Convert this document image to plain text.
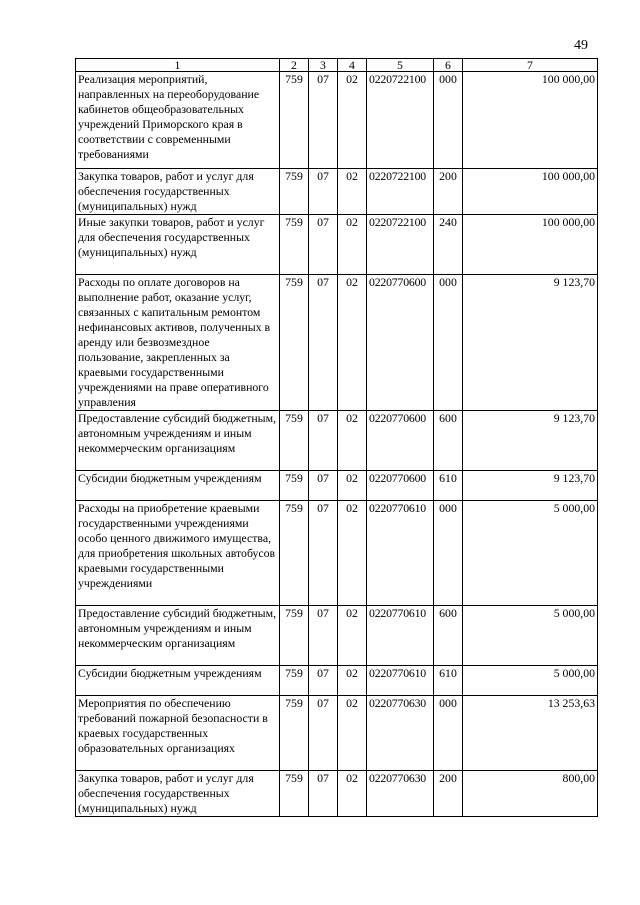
49
1	2	3	4	5	6	7
Реализация мероприятий, направленных на переоборудование кабинетов общеобразовательных учреждений Приморского края в соответствии с современными требованиями	759	07	02	0220722100	000	100 000,00
Закупка товаров, работ и услуг для обеспечения государственных (муниципальных) нужд	759	07	02	0220722100	200	100 000,00
Иные закупки товаров, работ и услуг для обеспечения государственных (муниципальных) нужд	759	07	02	0220722100	240	100 000,00
Расходы по оплате договоров на выполнение работ, оказание услуг, связанных с капитальным ремонтом нефинансовых активов, полученных в аренду или безвозмездное пользование, закрепленных за краевыми государственными учреждениями на праве оперативного управления	759	07	02	0220770600	000	9 123,70
Предоставление субсидий бюджетным, автономным учреждениям и иным некоммерческим организациям	759	07	02	0220770600	600	9 123,70
Субсидии бюджетным учреждениям	759	07	02	0220770600	610	9 123,70
Расходы на приобретение краевыми государственными учреждениями особо ценного движимого имущества, для приобретения школьных автобусов краевыми государственными учреждениями	759	07	02	0220770610	000	5 000,00
Предоставление субсидий бюджетным, автономным учреждениям и иным некоммерческим организациям	759	07	02	0220770610	600	5 000,00
Субсидии бюджетным учреждениям	759	07	02	0220770610	610	5 000,00
Мероприятия по обеспечению требований пожарной безопасности в краевых государственных образовательных организациях	759	07	02	0220770630	000	13 253,63
Закупка товаров, работ и услуг для обеспечения государственных (муниципальных) нужд	759	07	02	0220770630	200	800,00
